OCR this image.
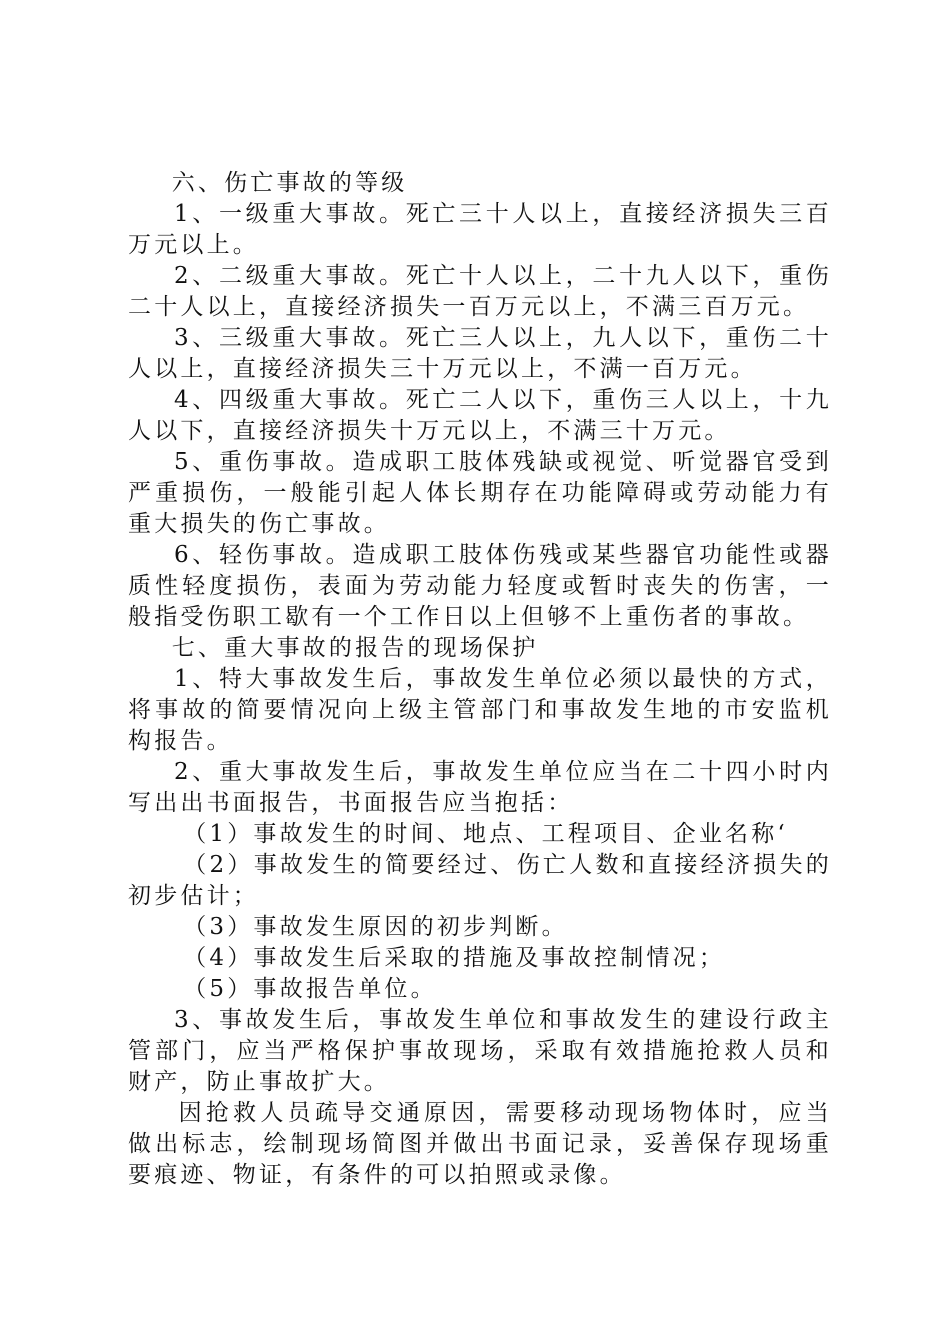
六、伤亡事故的等级

1、一级重大事故。死亡三十人以上，直接经济损失三百万元以上。

2、二级重大事故。死亡十人以上，二十九人以下，重伤二十人以上，直接经济损失一百万元以上，不满三百万元。

3、三级重大事故。死亡三人以上，九人以下，重伤二十人以上，直接经济损失三十万元以上，不满一百万元。

4、四级重大事故。死亡二人以下，重伤三人以上，十九人以下，直接经济损失十万元以上，不满三十万元。

5、重伤事故。造成职工肢体残缺或视觉、听觉器官受到严重损伤，一般能引起人体长期存在功能障碍或劳动能力有重大损失的伤亡事故。

6、轻伤事故。造成职工肢体伤残或某些器官功能性或器质性轻度损伤，表面为劳动能力轻度或暂时丧失的伤害，一般指受伤职工歇有一个工作日以上但够不上重伤者的事故。

七、重大事故的报告的现场保护

1、特大事故发生后，事故发生单位必须以最快的方式，将事故的简要情况向上级主管部门和事故发生地的市安监机构报告。

2、重大事故发生后，事故发生单位应当在二十四小时内写出出书面报告，书面报告应当抱括：

（1）事故发生的时间、地点、工程项目、企业名称‘

（2）事故发生的简要经过、伤亡人数和直接经济损失的初步估计；

（3）事故发生原因的初步判断。

（4）事故发生后采取的措施及事故控制情况；

（5）事故报告单位。

3、事故发生后，事故发生单位和事故发生的建设行政主管部门，应当严格保护事故现场，采取有效措施抢救人员和财产，防止事故扩大。

因抢救人员疏导交通原因，需要移动现场物体时，应当做出标志，绘制现场简图并做出书面记录，妥善保存现场重要痕迹、物证，有条件的可以拍照或录像。
